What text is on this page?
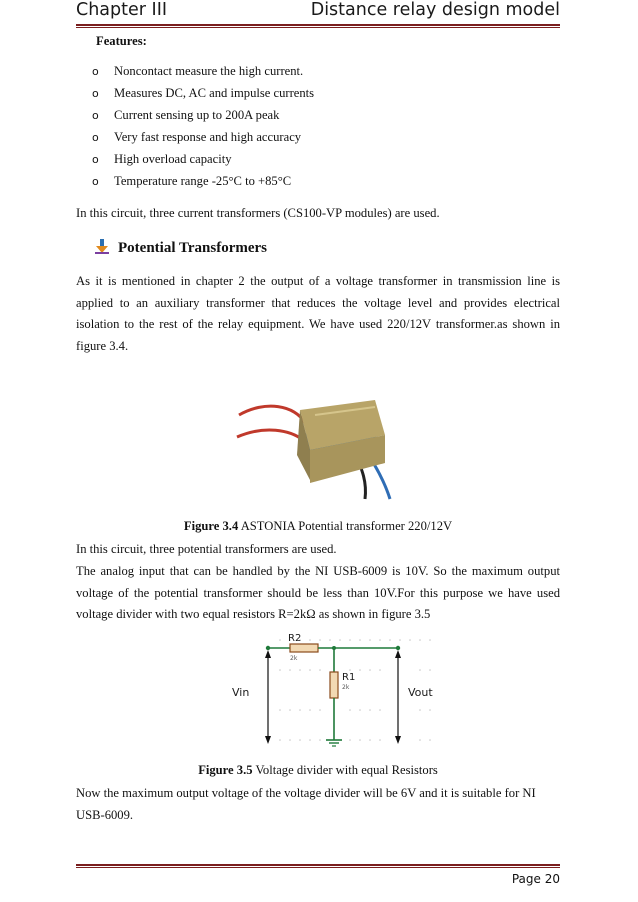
Chapter III	Distance relay design model
Features:
o Noncontact measure the high current.
o Measures DC, AC and impulse currents
o Current sensing up to 200A peak
o Very fast response and high accuracy
o High overload capacity
o Temperature range -25°C to +85°C
In this circuit, three current transformers (CS100-VP modules) are used.
Potential Transformers
As it is mentioned in chapter 2 the output of a voltage transformer in transmission line is applied to an auxiliary transformer that reduces the voltage level and provides electrical isolation to the rest of the relay equipment. We have used 220/12V transformer.as shown in figure 3.4.
Figure 3.4 ASTONIA Potential transformer 220/12V
In this circuit, three potential transformers are used.
The analog input that can be handled by the NI USB-6009 is 10V. So the maximum output voltage of the potential transformer should be less than 10V.For this purpose we have used voltage divider with two equal resistors R=2kΩ as shown in figure 3.5
Figure 3.5 Voltage divider with equal Resistors
Now the maximum output voltage of the voltage divider will be 6V and it is suitable for NI USB-6009.
R2
2k
R1
2k
Vin	Vout
Page 20
